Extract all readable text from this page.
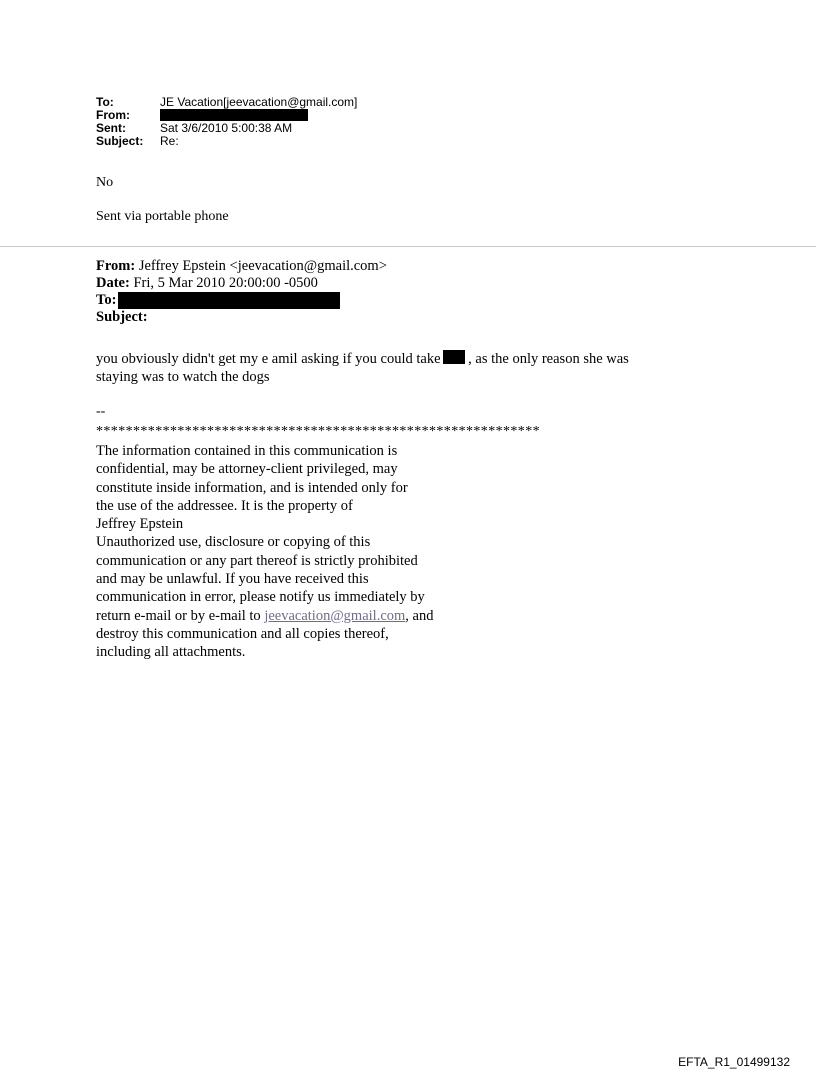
To:	JE Vacation[jeevacation@gmail.com]
From:
Sent:	Sat 3/6/2010 5:00:38 AM
Subject:	Re:
No
Sent via portable phone
From: Jeffrey Epstein <jeevacation@gmail.com>
Date: Fri, 5 Mar 2010 20:00:00 -0500
To:
Subject:
you obviously didn't get my e amil asking if you could take , as the only reason she was
staying was to watch the dogs
--
************************************************************
The information contained in this communication is
confidential, may be attorney-client privileged, may
constitute inside information, and is intended only for
the use of the addressee. It is the property of
Jeffrey Epstein
Unauthorized use, disclosure or copying of this
communication or any part thereof is strictly prohibited
and may be unlawful. If you have received this
communication in error, please notify us immediately by
return e-mail or by e-mail to jeevacation@gmail.com, and
destroy this communication and all copies thereof,
including all attachments.
EFTA_R1_01499132
